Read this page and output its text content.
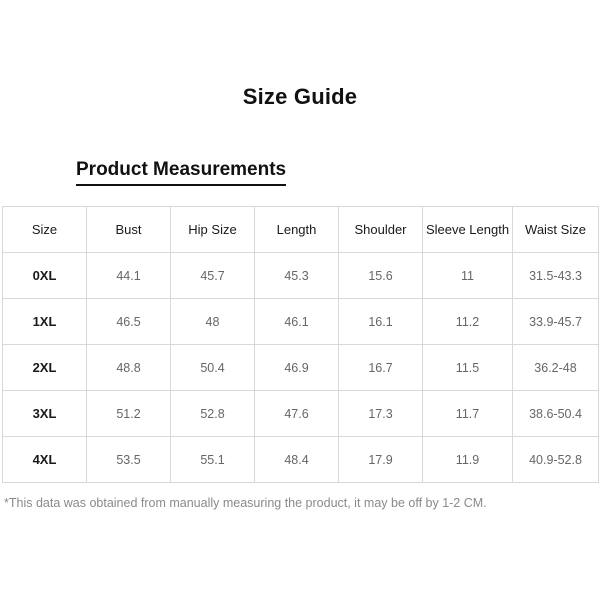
Size Guide
Product Measurements
Size	Bust	Hip Size	Length	Shoulder	Sleeve Length	Waist Size
0XL	44.1	45.7	45.3	15.6	11	31.5-43.3
1XL	46.5	48	46.1	16.1	11.2	33.9-45.7
2XL	48.8	50.4	46.9	16.7	11.5	36.2-48
3XL	51.2	52.8	47.6	17.3	11.7	38.6-50.4
4XL	53.5	55.1	48.4	17.9	11.9	40.9-52.8
*This data was obtained from manually measuring the product, it may be off by 1-2 CM.
